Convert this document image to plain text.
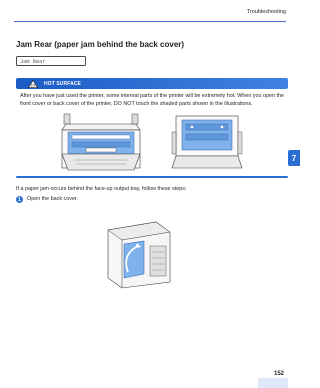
Troubleshooting
7
Jam Rear (paper jam behind the back cover)
Jam Rear
HOT SURFACE
After you have just used the printer, some internal parts of the printer will be extremely hot. When you open the front cover or back cover of the printer, DO NOT touch the shaded parts shown in the illustrations.
If a paper jam occurs behind the face-up output tray, follow these steps:
1	Open the back cover.
152
